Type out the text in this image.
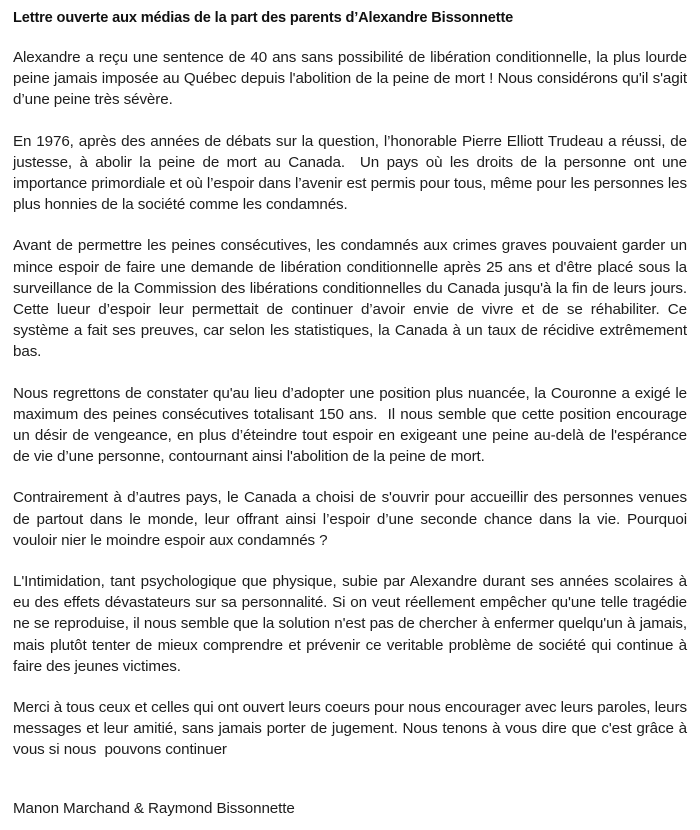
Lettre ouverte aux médias de la part des parents d’Alexandre Bissonnette

Alexandre a reçu une sentence de 40 ans sans possibilité de libération conditionnelle, la plus lourde peine jamais imposée au Québec depuis l'abolition de la peine de mort ! Nous considérons qu'il s'agit d’une peine très sévère.

En 1976, après des années de débats sur la question, l’honorable Pierre Elliott Trudeau a réussi, de justesse, à abolir la peine de mort au Canada.  Un pays où les droits de la personne ont une importance primordiale et où l’espoir dans l’avenir est permis pour tous, même pour les personnes les plus honnies de la société comme les condamnés.

Avant de permettre les peines consécutives, les condamnés aux crimes graves pouvaient garder un mince espoir de faire une demande de libération conditionnelle après 25 ans et d'être placé sous la surveillance de la Commission des libérations conditionnelles du Canada jusqu'à la fin de leurs jours. Cette lueur d’espoir leur permettait de continuer d’avoir envie de vivre et de se réhabiliter. Ce système a fait ses preuves, car selon les statistiques, la Canada à un taux de récidive extrêmement  bas.

Nous regrettons de constater qu'au lieu d’adopter une position plus nuancée, la Couronne a exigé le maximum des peines consécutives totalisant 150 ans.  Il nous semble que cette position encourage un désir de vengeance, en plus d’éteindre tout espoir en exigeant une peine au-delà de l'espérance de vie d’une personne, contournant ainsi l'abolition de la peine de mort.

Contrairement à d’autres pays, le Canada a choisi de s'ouvrir pour accueillir des personnes venues de partout dans le monde, leur offrant ainsi l’espoir d’une seconde chance dans la vie. Pourquoi vouloir nier le moindre espoir aux condamnés ?

L'Intimidation, tant psychologique que physique, subie par Alexandre durant ses années scolaires à eu des effets dévastateurs sur sa personnalité. Si on veut réellement empêcher qu'une telle tragédie ne se reproduise, il nous semble que la solution n'est pas de chercher à enfermer quelqu'un à jamais, mais plutôt tenter de mieux comprendre et prévenir ce veritable problème de société qui continue à faire des jeunes victimes.

Merci à tous ceux et celles qui ont ouvert leurs coeurs pour nous encourager avec leurs paroles, leurs messages et leur amitié, sans jamais porter de jugement. Nous tenons à vous dire que c'est grâce à vous si nous  pouvons continuer

Manon Marchand & Raymond Bissonnette
